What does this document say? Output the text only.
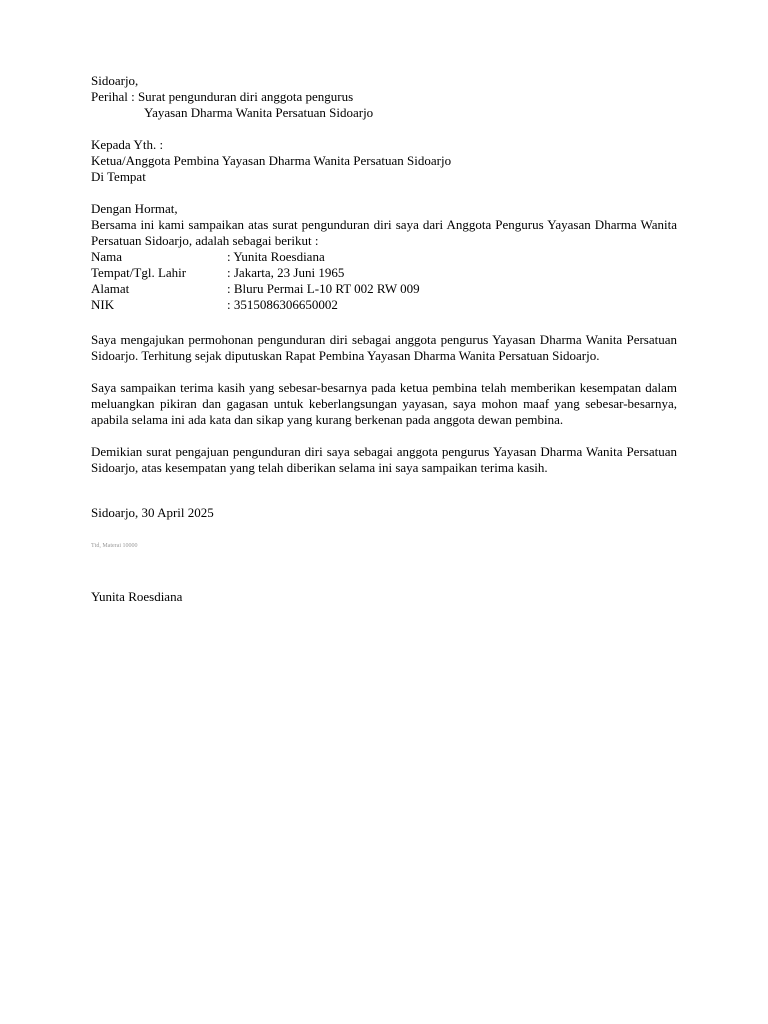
Sidoarjo,
Perihal : Surat pengunduran diri anggota pengurus
Yayasan Dharma Wanita Persatuan Sidoarjo
Kepada Yth. :
Ketua/Anggota Pembina Yayasan Dharma Wanita Persatuan Sidoarjo
Di Tempat
Dengan Hormat,
Bersama ini kami sampaikan atas surat pengunduran diri saya dari Anggota Pengurus Yayasan Dharma Wanita Persatuan Sidoarjo, adalah sebagai berikut :
Nama	: Yunita Roesdiana
Tempat/Tgl. Lahir	: Jakarta, 23 Juni 1965
Alamat	: Bluru Permai L-10 RT 002 RW 009
NIK	: 3515086306650002
Saya mengajukan permohonan pengunduran diri sebagai anggota pengurus Yayasan Dharma Wanita Persatuan Sidoarjo. Terhitung sejak diputuskan Rapat Pembina Yayasan Dharma Wanita Persatuan Sidoarjo.
Saya sampaikan terima kasih yang sebesar-besarnya pada ketua pembina telah memberikan kesempatan dalam meluangkan pikiran dan gagasan untuk keberlangsungan yayasan, saya mohon maaf yang sebesar-besarnya, apabila selama ini ada kata dan sikap yang kurang berkenan pada anggota dewan pembina.
Demikian surat pengajuan pengunduran diri saya sebagai anggota pengurus Yayasan Dharma Wanita Persatuan Sidoarjo, atas kesempatan yang telah diberikan selama ini saya sampaikan terima kasih.
Sidoarjo, 30 April 2025
Ttd, Materai 10000
Yunita Roesdiana
